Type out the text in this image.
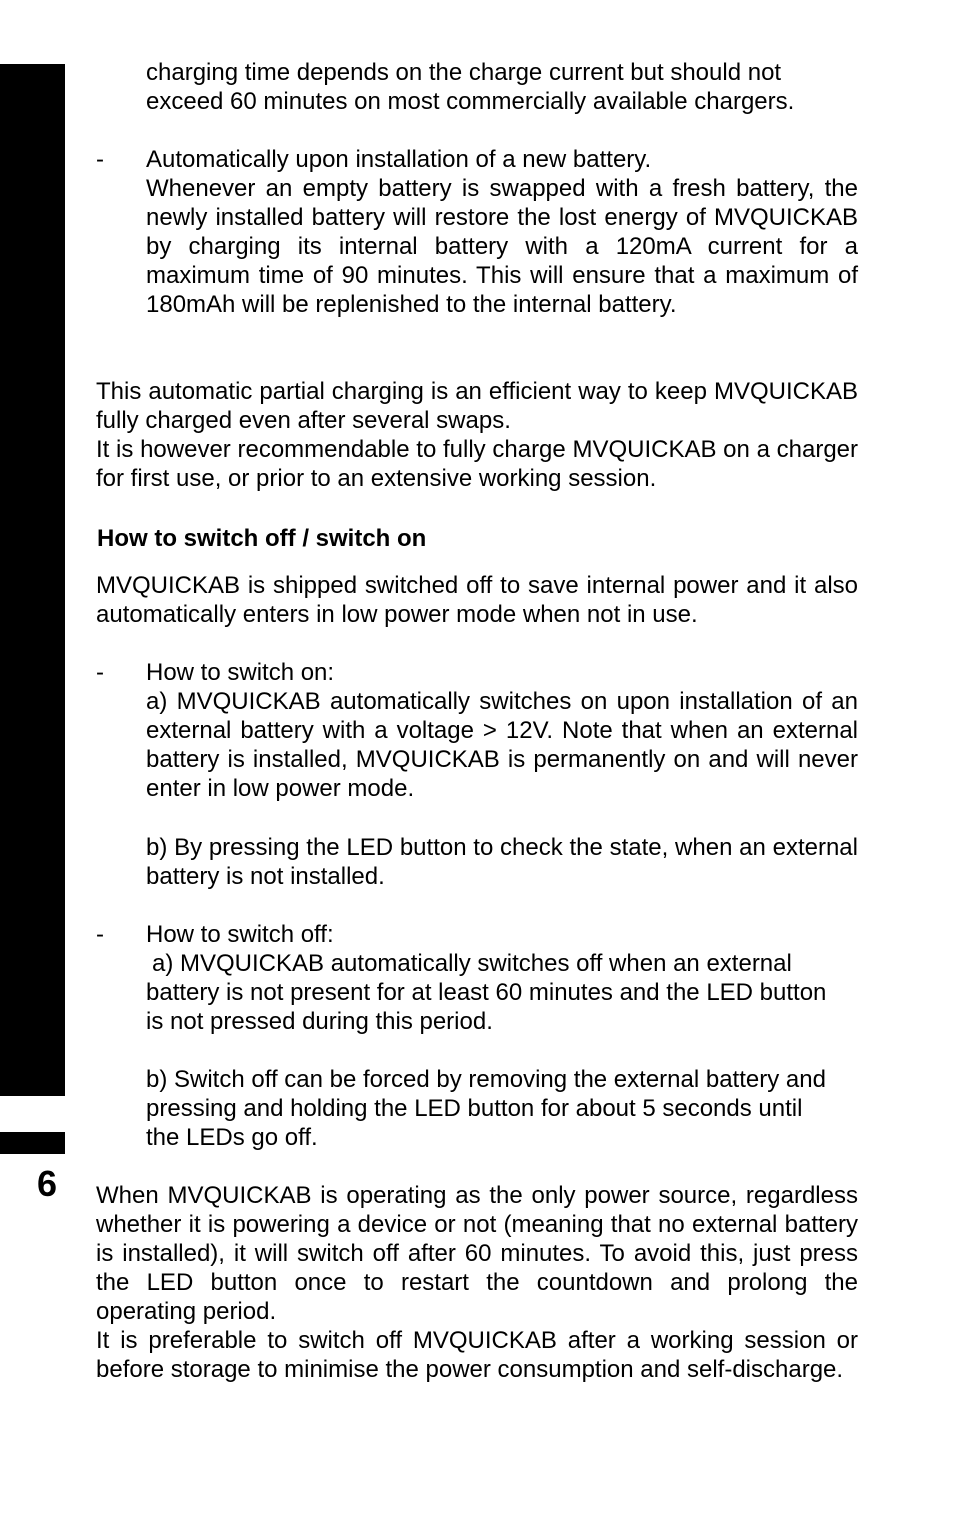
6
charging time depends on the charge current but should not exceed 60 minutes on most commercially available chargers.
- Automatically upon installation of a new battery.
Whenever an empty battery is swapped with a fresh battery, the newly installed battery will restore the lost energy of MVQUICKAB by charging its internal battery with a 120mA current for a maximum time of 90 minutes. This will ensure that a maximum of 180mAh will be replenished to the internal battery.
This automatic partial charging is an efficient way to keep MVQUICKAB fully charged even after several swaps.
It is however recommendable to fully charge MVQUICKAB on a charger for first use, or prior to an extensive working session.
How to switch off / switch on
MVQUICKAB is shipped switched off to save internal power and it also automatically enters in low power mode when not in use.
- How to switch on:
a) MVQUICKAB automatically switches on upon installation of an external battery with a voltage > 12V. Note that when an external battery is installed, MVQUICKAB is permanently on and will never enter in low power mode.
b) By pressing the LED button to check the state, when an external battery is not installed.
- How to switch off:
a) MVQUICKAB automatically switches off when an external battery is not present for at least 60 minutes and the LED button is not pressed during this period.
b) Switch off can be forced by removing the external battery and pressing and holding the LED button for about 5 seconds until the LEDs go off.
When MVQUICKAB is operating as the only power source, regardless whether it is powering a device or not (meaning that no external battery is installed), it will switch off after 60 minutes. To avoid this, just press the LED button once to restart the countdown and prolong the operating period.
It is preferable to switch off MVQUICKAB after a working session or before storage to minimise the power consumption and self-discharge.
